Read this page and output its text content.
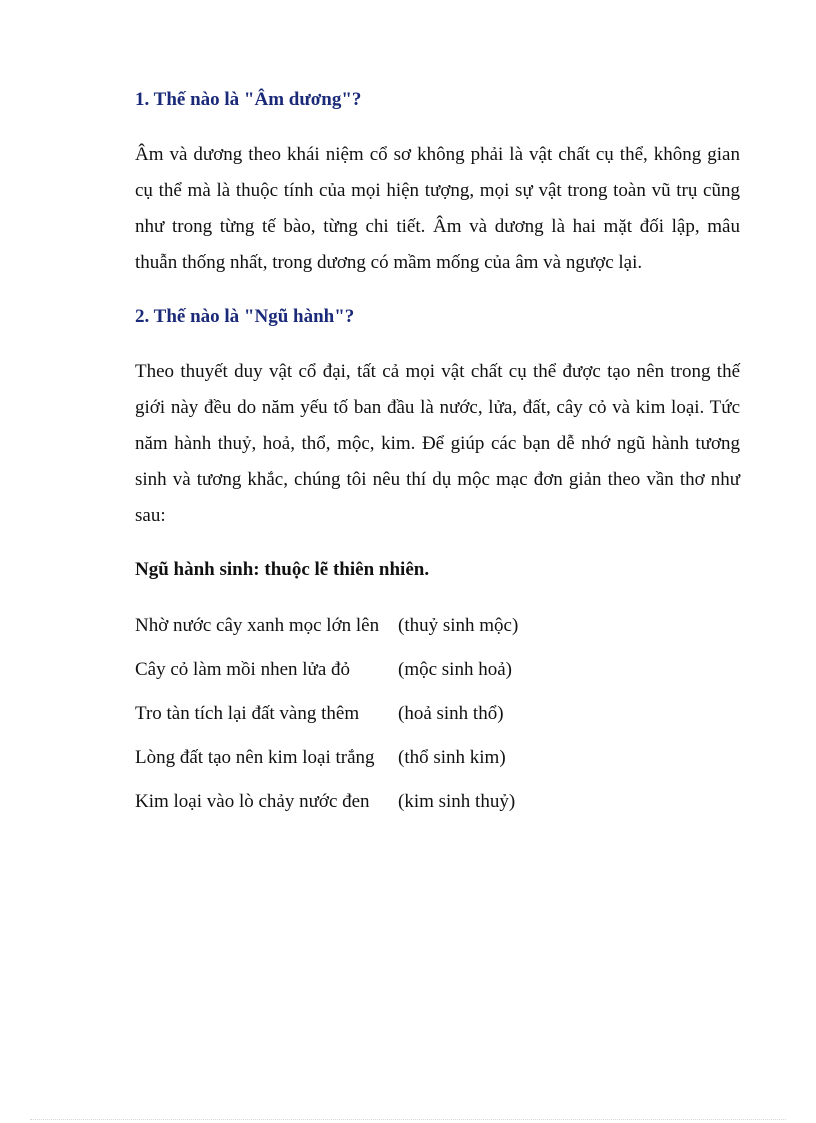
1. Thế nào là "Âm dương"?

Âm và dương theo khái niệm cổ sơ không phải là vật chất cụ thể, không gian cụ thể mà là thuộc tính của mọi hiện tượng, mọi sự vật trong toàn vũ trụ cũng như trong từng tế bào, từng chi tiết. Âm và dương là hai mặt đối lập, mâu thuẫn thống nhất, trong dương có mầm mống của âm và ngược lại.

2. Thế nào là "Ngũ hành"?

Theo thuyết duy vật cổ đại, tất cả mọi vật chất cụ thể được tạo nên trong thế giới này đều do năm yếu tố ban đầu là nước, lửa, đất, cây cỏ và kim loại. Tức năm hành thuỷ, hoả, thổ, mộc, kim. Để giúp các bạn dễ nhớ ngũ hành tương sinh và tương khắc, chúng tôi nêu thí dụ mộc mạc đơn giản theo vần thơ như sau:

Ngũ hành sinh: thuộc lẽ thiên nhiên.

Nhờ nước cây xanh mọc lớn lên	(thuỷ sinh mộc)
Cây cỏ làm mồi nhen lửa đỏ	(mộc sinh hoả)
Tro tàn tích lại đất vàng thêm	(hoả sinh thổ)
Lòng đất tạo nên kim loại trắng	(thổ sinh kim)
Kim loại vào lò chảy nước đen	(kim sinh thuỷ)
